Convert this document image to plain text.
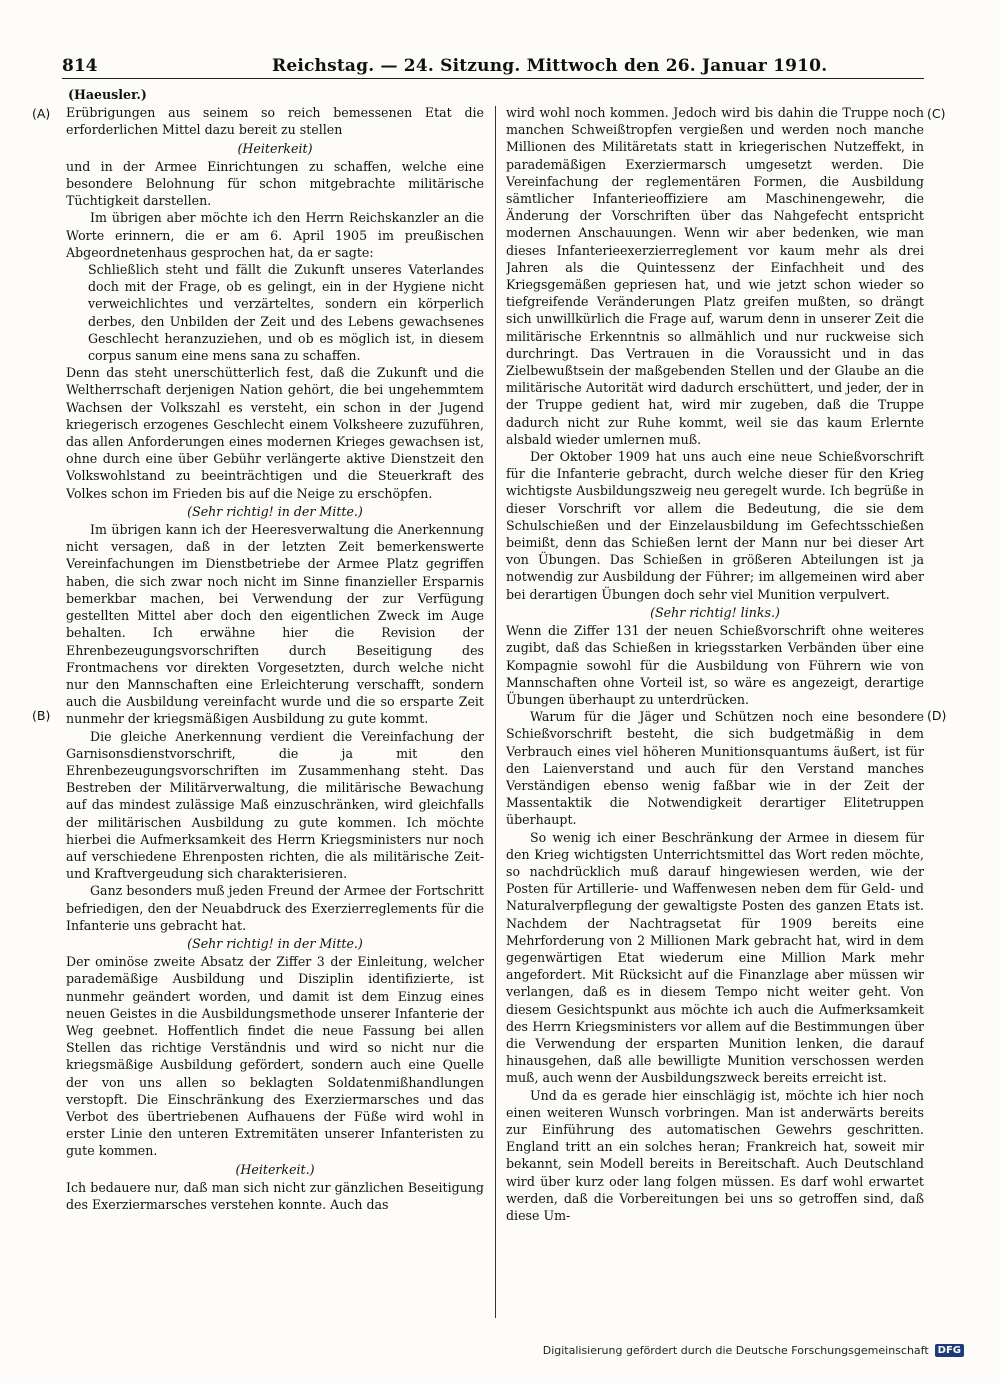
814	Reichstag. — 24. Sitzung. Mittwoch den 26. Januar 1910.
(A)
(B)
(C)
(D)
(Haeusler.)

Erübrigungen aus seinem so reich bemessenen Etat die erforderlichen Mittel dazu bereit zu stellen

(Heiterkeit)

und in der Armee Einrichtungen zu schaffen, welche eine besondere Belohnung für schon mitgebrachte militärische Tüchtigkeit darstellen.

Im übrigen aber möchte ich den Herrn Reichskanzler an die Worte erinnern, die er am 6. April 1905 im preußischen Abgeordnetenhaus gesprochen hat, da er sagte:

Schließlich steht und fällt die Zukunft unseres Vaterlandes doch mit der Frage, ob es gelingt, ein in der Hygiene nicht verweichlichtes und verzärteltes, sondern ein körperlich derbes, den Unbilden der Zeit und des Lebens gewachsenes Geschlecht heranzuziehen, und ob es möglich ist, in diesem corpus sanum eine mens sana zu schaffen.

Denn das steht unerschütterlich fest, daß die Zukunft und die Weltherrschaft derjenigen Nation gehört, die bei ungehemmtem Wachsen der Volkszahl es versteht, ein schon in der Jugend kriegerisch erzogenes Geschlecht einem Volksheere zuzuführen, das allen Anforderungen eines modernen Krieges gewachsen ist, ohne durch eine über Gebühr verlängerte aktive Dienstzeit den Volkswohlstand zu beeinträchtigen und die Steuerkraft des Volkes schon im Frieden bis auf die Neige zu erschöpfen.

(Sehr richtig! in der Mitte.)

Im übrigen kann ich der Heeresverwaltung die Anerkennung nicht versagen, daß in der letzten Zeit bemerkenswerte Vereinfachungen im Dienstbetriebe der Armee Platz gegriffen haben, die sich zwar noch nicht im Sinne finanzieller Ersparnis bemerkbar machen, bei Verwendung der zur Verfügung gestellten Mittel aber doch den eigentlichen Zweck im Auge behalten. Ich erwähne hier die Revision der Ehrenbezeugungsvorschriften durch Beseitigung des Frontmachens vor direkten Vorgesetzten, durch welche nicht nur den Mannschaften eine Erleichterung verschafft, sondern auch die Ausbildung vereinfacht wurde und die so ersparte Zeit nunmehr der kriegsmäßigen Ausbildung zu gute kommt.

Die gleiche Anerkennung verdient die Vereinfachung der Garnisonsdienstvorschrift, die ja mit den Ehrenbezeugungsvorschriften im Zusammenhang steht. Das Bestreben der Militärverwaltung, die militärische Bewachung auf das mindest zulässige Maß einzuschränken, wird gleichfalls der militärischen Ausbildung zu gute kommen. Ich möchte hierbei die Aufmerksamkeit des Herrn Kriegsministers nur noch auf verschiedene Ehrenposten richten, die als militärische Zeit- und Kraftvergeudung sich charakterisieren.

Ganz besonders muß jeden Freund der Armee der Fortschritt befriedigen, den der Neuabdruck des Exerzierreglements für die Infanterie uns gebracht hat.

(Sehr richtig! in der Mitte.)

Der ominöse zweite Absatz der Ziffer 3 der Einleitung, welcher parademäßige Ausbildung und Disziplin identifizierte, ist nunmehr geändert worden, und damit ist dem Einzug eines neuen Geistes in die Ausbildungsmethode unserer Infanterie der Weg geebnet. Hoffentlich findet die neue Fassung bei allen Stellen das richtige Verständnis und wird so nicht nur die kriegsmäßige Ausbildung gefördert, sondern auch eine Quelle der von uns allen so beklagten Soldatenmißhandlungen verstopft. Die Einschränkung des Exerziermarsches und das Verbot des übertriebenen Aufhauens der Füße wird wohl in erster Linie den unteren Extremitäten unserer Infanteristen zu gute kommen.

(Heiterkeit.)

Ich bedauere nur, daß man sich nicht zur gänzlichen Beseitigung des Exerziermarsches verstehen konnte. Auch das

wird wohl noch kommen. Jedoch wird bis dahin die Truppe noch manchen Schweißtropfen vergießen und werden noch manche Millionen des Militäretats statt in kriegerischen Nutzeffekt, in parademäßigen Exerziermarsch umgesetzt werden. Die Vereinfachung der reglementären Formen, die Ausbildung sämtlicher Infanterieoffiziere am Maschinengewehr, die Änderung der Vorschriften über das Nahgefecht entspricht modernen Anschauungen. Wenn wir aber bedenken, wie man dieses Infanterieexerzierreglement vor kaum mehr als drei Jahren als die Quintessenz der Einfachheit und des Kriegsgemäßen gepriesen hat, und wie jetzt schon wieder so tiefgreifende Veränderungen Platz greifen mußten, so drängt sich unwillkürlich die Frage auf, warum denn in unserer Zeit die militärische Erkenntnis so allmählich und nur ruckweise sich durchringt. Das Vertrauen in die Voraussicht und in das Zielbewußtsein der maßgebenden Stellen und der Glaube an die militärische Autorität wird dadurch erschüttert, und jeder, der in der Truppe gedient hat, wird mir zugeben, daß die Truppe dadurch nicht zur Ruhe kommt, weil sie das kaum Erlernte alsbald wieder umlernen muß.

Der Oktober 1909 hat uns auch eine neue Schießvorschrift für die Infanterie gebracht, durch welche dieser für den Krieg wichtigste Ausbildungszweig neu geregelt wurde. Ich begrüße in dieser Vorschrift vor allem die Bedeutung, die sie dem Schulschießen und der Einzelausbildung im Gefechtsschießen beimißt, denn das Schießen lernt der Mann nur bei dieser Art von Übungen. Das Schießen in größeren Abteilungen ist ja notwendig zur Ausbildung der Führer; im allgemeinen wird aber bei derartigen Übungen doch sehr viel Munition verpulvert.

(Sehr richtig! links.)

Wenn die Ziffer 131 der neuen Schießvorschrift ohne weiteres zugibt, daß das Schießen in kriegsstarken Verbänden über eine Kompagnie sowohl für die Ausbildung von Führern wie von Mannschaften ohne Vorteil ist, so wäre es angezeigt, derartige Übungen überhaupt zu unterdrücken.

Warum für die Jäger und Schützen noch eine besondere Schießvorschrift besteht, die sich budgetmäßig in dem Verbrauch eines viel höheren Munitionsquantums äußert, ist für den Laienverstand und auch für den Verstand manches Verständigen ebenso wenig faßbar wie in der Zeit der Massentaktik die Notwendigkeit derartiger Elitetruppen überhaupt.

So wenig ich einer Beschränkung der Armee in diesem für den Krieg wichtigsten Unterrichtsmittel das Wort reden möchte, so nachdrücklich muß darauf hingewiesen werden, wie der Posten für Artillerie- und Waffenwesen neben dem für Geld- und Naturalverpflegung der gewaltigste Posten des ganzen Etats ist. Nachdem der Nachtragsetat für 1909 bereits eine Mehrforderung von 2 Millionen Mark gebracht hat, wird in dem gegenwärtigen Etat wiederum eine Million Mark mehr angefordert. Mit Rücksicht auf die Finanzlage aber müssen wir verlangen, daß es in diesem Tempo nicht weiter geht. Von diesem Gesichtspunkt aus möchte ich auch die Aufmerksamkeit des Herrn Kriegsministers vor allem auf die Bestimmungen über die Verwendung der ersparten Munition lenken, die darauf hinausgehen, daß alle bewilligte Munition verschossen werden muß, auch wenn der Ausbildungszweck bereits erreicht ist.

Und da es gerade hier einschlägig ist, möchte ich hier noch einen weiteren Wunsch vorbringen. Man ist anderwärts bereits zur Einführung des automatischen Gewehrs geschritten. England tritt an ein solches heran; Frankreich hat, soweit mir bekannt, sein Modell bereits in Bereitschaft. Auch Deutschland wird über kurz oder lang folgen müssen. Es darf wohl erwartet werden, daß die Vorbereitungen bei uns so getroffen sind, daß diese Um-

Digitalisierung gefördert durch die Deutsche Forschungsgemeinschaft DFG
